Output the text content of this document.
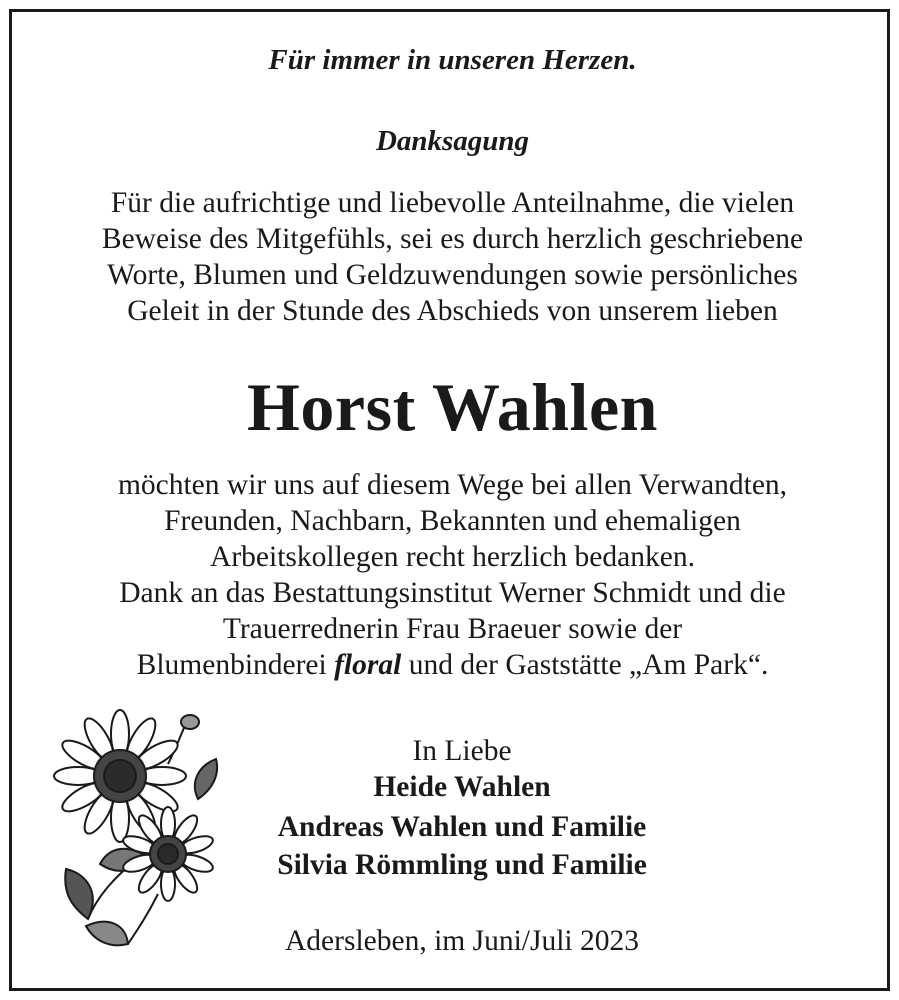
Für immer in unseren Herzen.
Danksagung
Für die aufrichtige und liebevolle Anteilnahme, die vielen
Beweise des Mitgefühls, sei es durch herzlich geschriebene
Worte, Blumen und Geldzuwendungen sowie persönliches
Geleit in der Stunde des Abschieds von unserem lieben
Horst Wahlen
möchten wir uns auf diesem Wege bei allen Verwandten,
Freunden, Nachbarn, Bekannten und ehemaligen
Arbeitskollegen recht herzlich bedanken.
Dank an das Bestattungsinstitut Werner Schmidt und die
Trauerrednerin Frau Braeuer sowie der
Blumenbinderei floral und der Gaststätte „Am Park“.
In Liebe
Heide Wahlen
Andreas Wahlen und Familie
Silvia Römmling und Familie
Adersleben, im Juni/Juli 2023
